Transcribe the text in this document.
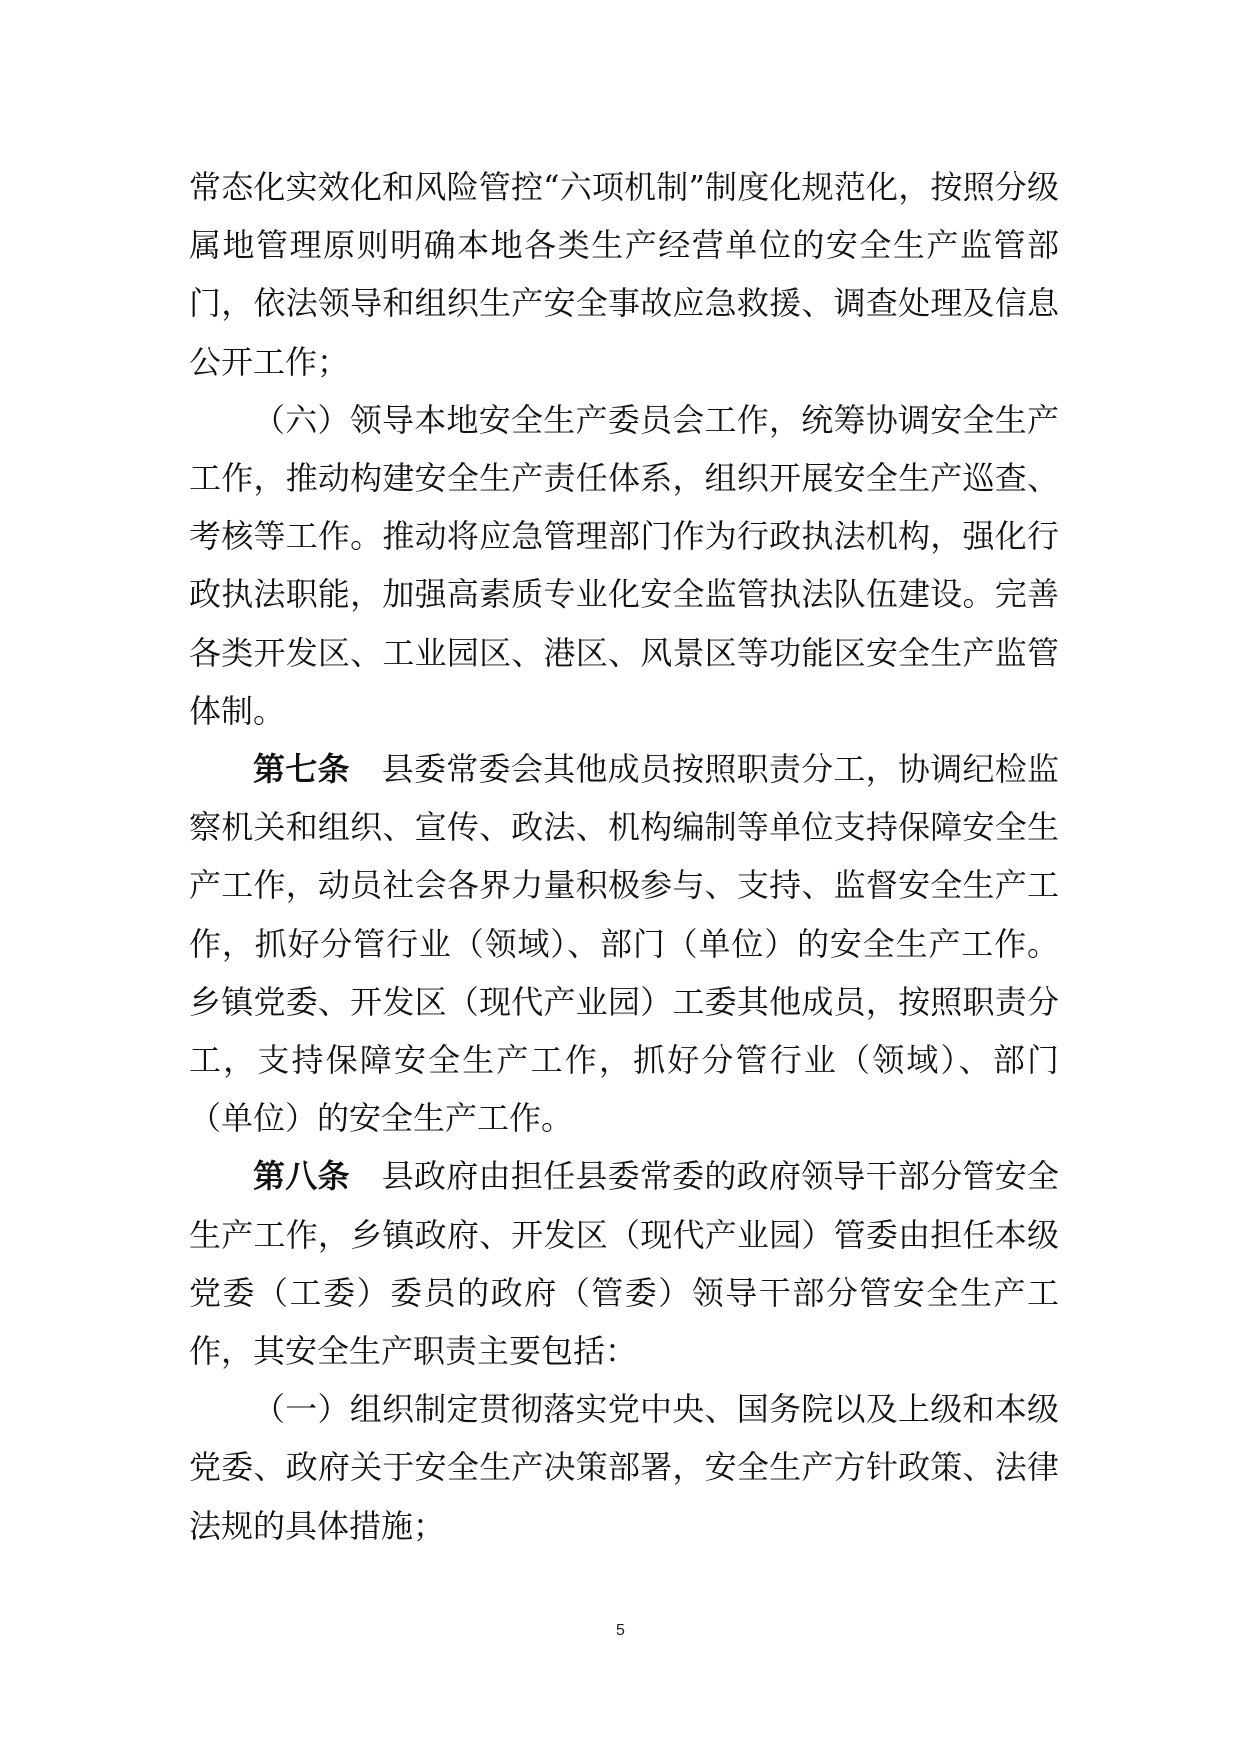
常态化实效化和风险管控“六项机制”制度化规范化，按照分级属地管理原则明确本地各类生产经营单位的安全生产监管部门，依法领导和组织生产安全事故应急救援、调查处理及信息公开工作；

（六）领导本地安全生产委员会工作，统筹协调安全生产工作，推动构建安全生产责任体系，组织开展安全生产巡查、考核等工作。推动将应急管理部门作为行政执法机构，强化行政执法职能，加强高素质专业化安全监管执法队伍建设。完善各类开发区、工业园区、港区、风景区等功能区安全生产监管体制。

第七条 县委常委会其他成员按照职责分工，协调纪检监察机关和组织、宣传、政法、机构编制等单位支持保障安全生产工作，动员社会各界力量积极参与、支持、监督安全生产工作，抓好分管行业（领域）、部门（单位）的安全生产工作。乡镇党委、开发区（现代产业园）工委其他成员，按照职责分工，支持保障安全生产工作，抓好分管行业（领域）、部门（单位）的安全生产工作。

第八条 县政府由担任县委常委的政府领导干部分管安全生产工作，乡镇政府、开发区（现代产业园）管委由担任本级党委（工委）委员的政府（管委）领导干部分管安全生产工作，其安全生产职责主要包括：

（一）组织制定贯彻落实党中央、国务院以及上级和本级党委、政府关于安全生产决策部署，安全生产方针政策、法律法规的具体措施；

5
